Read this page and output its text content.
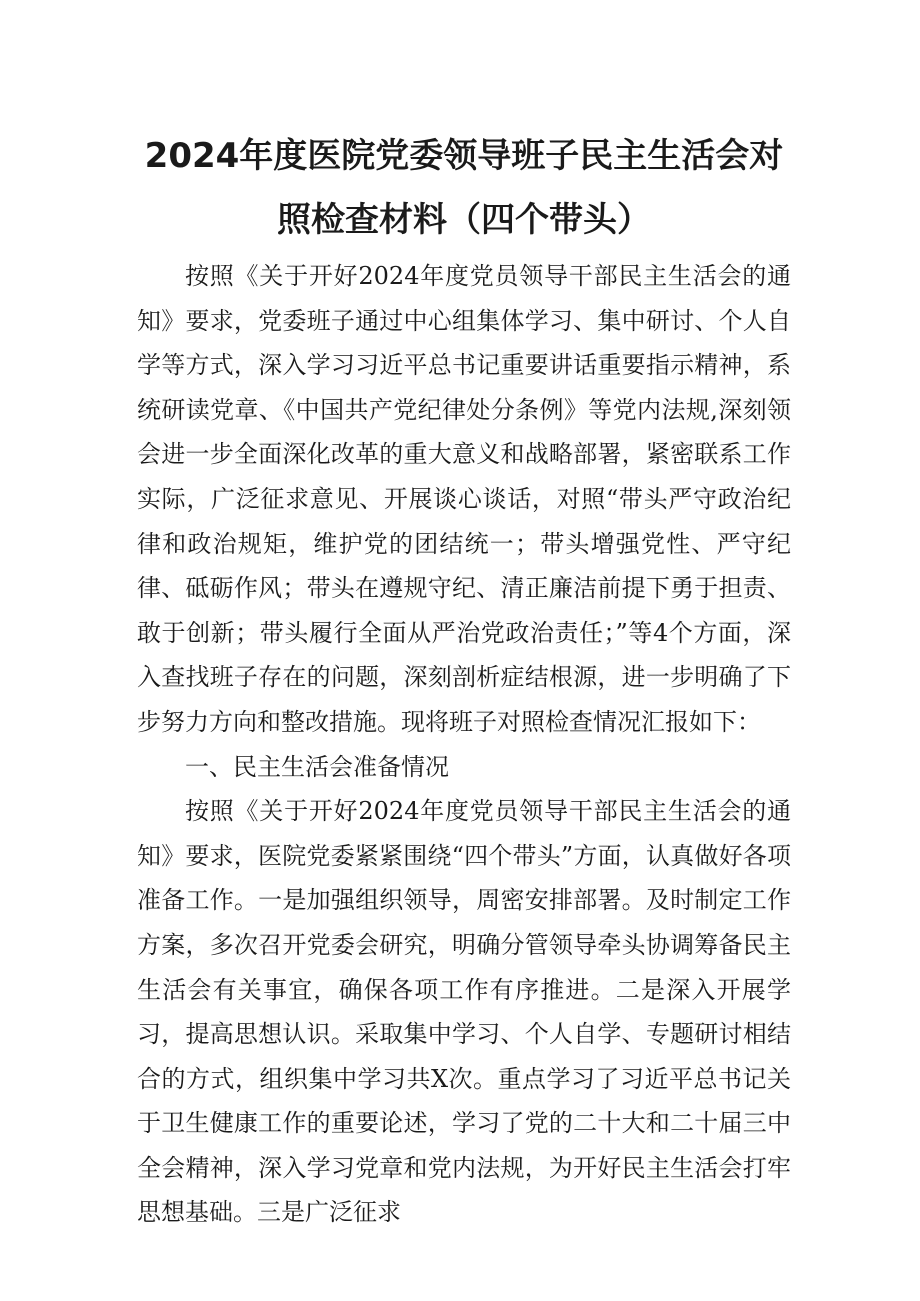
2024年度医院党委领导班子民主生活会对
照检查材料（四个带头）

按照《关于开好2024年度党员领导干部民主生活会的通知》要求，党委班子通过中心组集体学习、集中研讨、个人自学等方式，深入学习习近平总书记重要讲话重要指示精神，系统研读党章、《中国共产党纪律处分条例》等党内法规,深刻领会进一步全面深化改革的重大意义和战略部署，紧密联系工作实际，广泛征求意见、开展谈心谈话，对照“带头严守政治纪律和政治规矩，维护党的团结统一；带头增强党性、严守纪律、砥砺作风；带头在遵规守纪、清正廉洁前提下勇于担责、敢于创新；带头履行全面从严治党政治责任；”等4个方面，深入查找班子存在的问题，深刻剖析症结根源，进一步明确了下步努力方向和整改措施。现将班子对照检查情况汇报如下：

一、民主生活会准备情况

按照《关于开好2024年度党员领导干部民主生活会的通知》要求，医院党委紧紧围绕“四个带头”方面，认真做好各项准备工作。一是加强组织领导，周密安排部署。及时制定工作方案，多次召开党委会研究，明确分管领导牵头协调筹备民主生活会有关事宜，确保各项工作有序推进。二是深入开展学习，提高思想认识。采取集中学习、个人自学、专题研讨相结合的方式，组织集中学习共X次。重点学习了习近平总书记关于卫生健康工作的重要论述，学习了党的二十大和二十届三中全会精神，深入学习党章和党内法规，为开好民主生活会打牢思想基础。三是广泛征求
